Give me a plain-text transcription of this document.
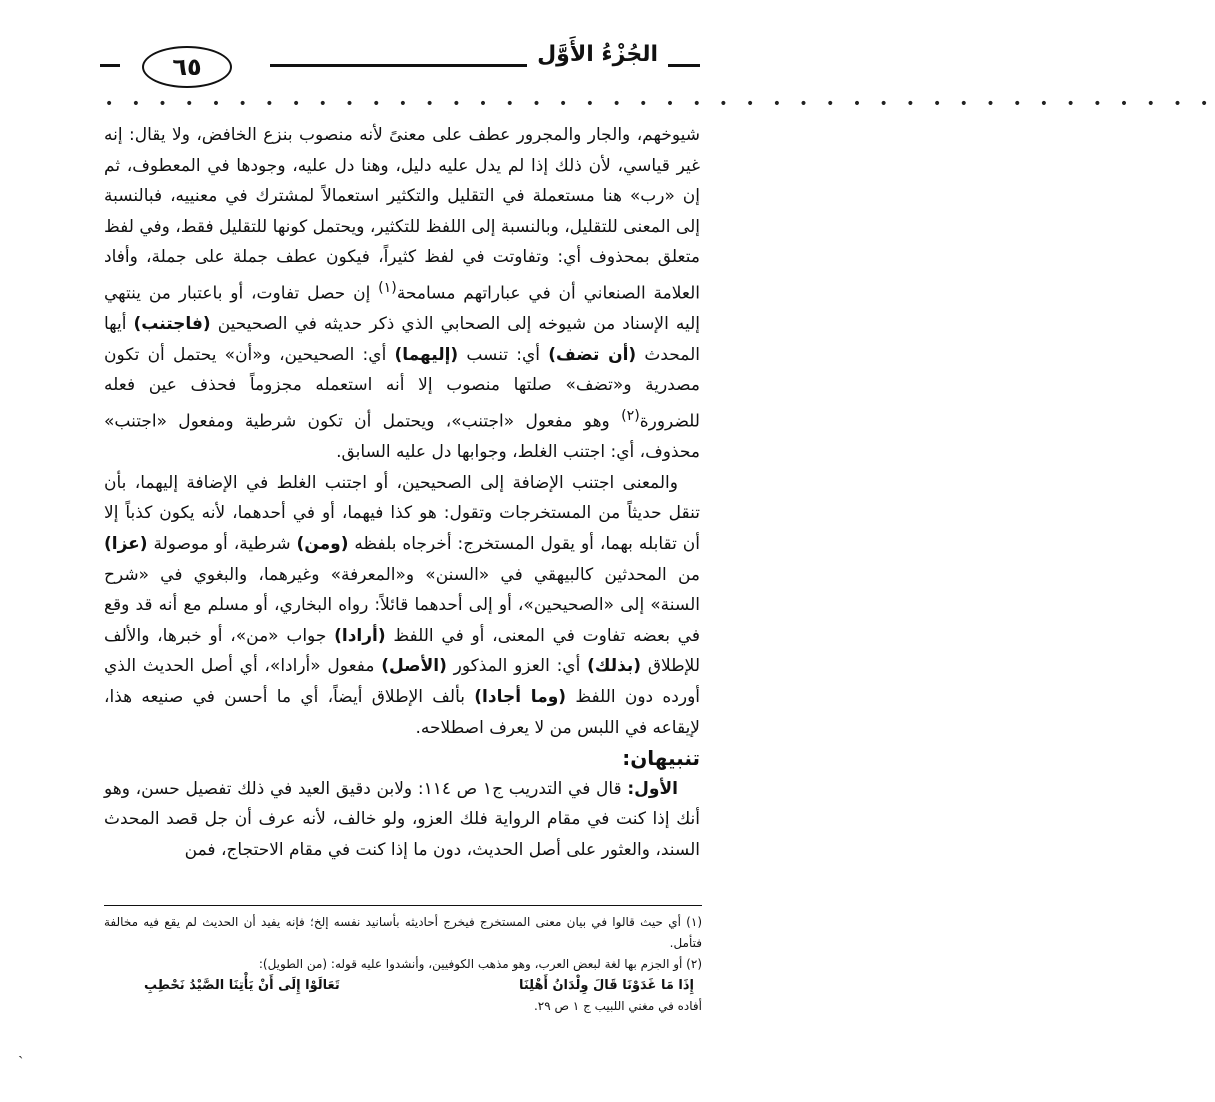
٦٥	الجُزْءُ الأَوَّل
• • • • • • • • • • • • • • • • • • • • • • • • • • • • • • • • • • • • • • • • • •

شيوخهم، والجار والمجرور عطف على معنىً لأنه منصوب بنزع الخافض، ولا يقال: إنه غير قياسي، لأن ذلك إذا لم يدل عليه دليل، وهنا دل عليه، وجودها في المعطوف، ثم إن «رب» هنا مستعملة في التقليل والتكثير استعمالاً لمشترك في معنييه، فبالنسبة إلى المعنى للتقليل، وبالنسبة إلى اللفظ للتكثير، ويحتمل كونها للتقليل فقط، وفي لفظ متعلق بمحذوف أي: وتفاوتت في لفظ كثيراً، فيكون عطف جملة على جملة، وأفاد العلامة الصنعاني أن في عباراتهم مسامحة$^{(١)}$ إن حصل تفاوت، أو باعتبار من ينتهي إليه الإسناد من شيوخه إلى الصحابي الذي ذكر حديثه في الصحيحين (فاجتنب) أيها المحدث (أن تضف) أي: تنسب (إليهما) أي: الصحيحين، و«أن» يحتمل أن تكون مصدرية و«تضف» صلتها منصوب إلا أنه استعمله مجزوماً فحذف عين فعله للضرورة$^{(٢)}$ وهو مفعول «اجتنب»، ويحتمل أن تكون شرطية ومفعول «اجتنب» محذوف، أي: اجتنب الغلط، وجوابها دل عليه السابق.

والمعنى اجتنب الإضافة إلى الصحيحين، أو اجتنب الغلط في الإضافة إليهما، بأن تنقل حديثاً من المستخرجات وتقول: هو كذا فيهما، أو في أحدهما، لأنه يكون كذباً إلا أن تقابله بهما، أو يقول المستخرج: أخرجاه بلفظه (ومن) شرطية، أو موصولة (عزا) من المحدثين كالبيهقي في «السنن» و«المعرفة» وغيرهما، والبغوي في «شرح السنة» إلى «الصحيحين»، أو إلى أحدهما قائلاً: رواه البخاري، أو مسلم مع أنه قد وقع في بعضه تفاوت في المعنى، أو في اللفظ (أرادا) جواب «من»، أو خبرها، والألف للإطلاق (بذلك) أي: العزو المذكور (الأصل) مفعول «أرادا»، أي أصل الحديث الذي أورده دون اللفظ (وما أجادا) بألف الإطلاق أيضاً، أي ما أحسن في صنيعه هذا، لإيقاعه في اللبس من لا يعرف اصطلاحه.

تنبيهان:

الأول: قال في التدريب ج١ ص ١١٤: ولابن دقيق العيد في ذلك تفصيل حسن، وهو أنك إذا كنت في مقام الرواية فلك العزو، ولو خالف، لأنه عرف أن جل قصد المحدث السند، والعثور على أصل الحديث، دون ما إذا كنت في مقام الاحتجاج، فمن

(١) أي حيث قالوا في بيان معنى المستخرج فيخرج أحاديثه بأسانيد نفسه إلخ؛ فإنه يفيد أن الحديث لم يقع فيه مخالفة فتأمل.

(٢) أو الجزم بها لغة لبعض العرب، وهو مذهب الكوفيين، وأنشدوا عليه قوله: (من الطويل):

إِذَا مَا غَدَوْنَا قَالَ وِلْدَانُ أَهْلِنَا
تَعَالَوْا إِلَى أَنْ يَأْتِنَا الصَّيْدُ نَحْطِبِ

أفاده في مغني اللبيب ج ١ ص ٢٩.

ˎ
